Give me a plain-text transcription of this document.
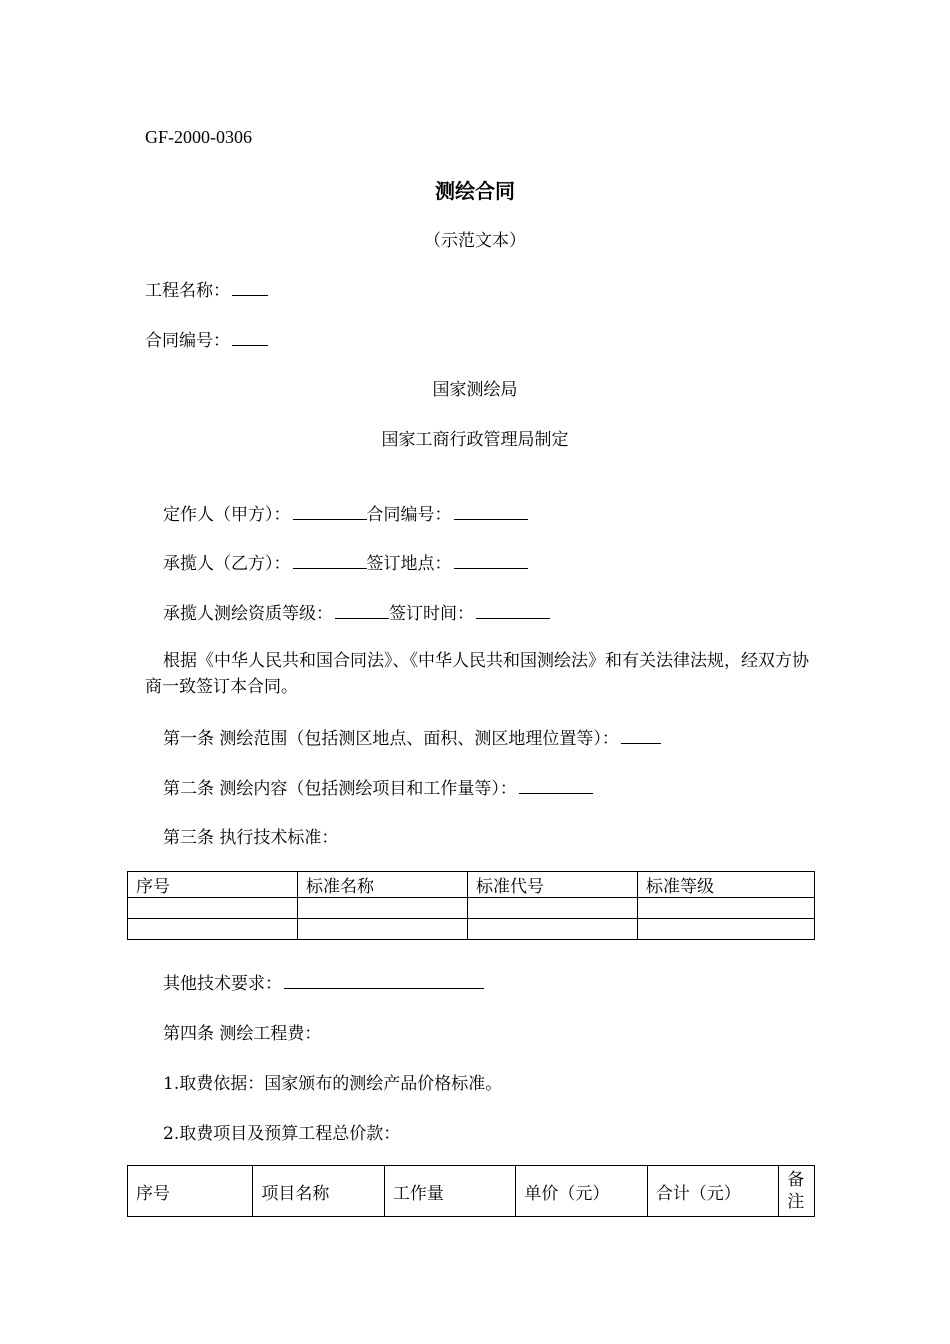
GF-2000-0306
测绘合同
（示范文本）
工程名称：
合同编号：
国家测绘局
国家工商行政管理局制定
定作人（甲方）：	合同编号：
承揽人（乙方）：	签订地点：
承揽人测绘资质等级：	签订时间：
根据《中华人民共和国合同法》、《中华人民共和国测绘法》和有关法律法规，经双方协商一致签订本合同。
第一条 测绘范围（包括测区地点、面积、测区地理位置等）：
第二条 测绘内容（包括测绘项目和工作量等）：
第三条 执行技术标准：
序号	标准名称	标准代号	标准等级

其他技术要求：
第四条 测绘工程费：
1.取费依据：国家颁布的测绘产品价格标准。
2.取费项目及预算工程总价款：
序号	项目名称	工作量	单价（元）	合计（元）	备注
